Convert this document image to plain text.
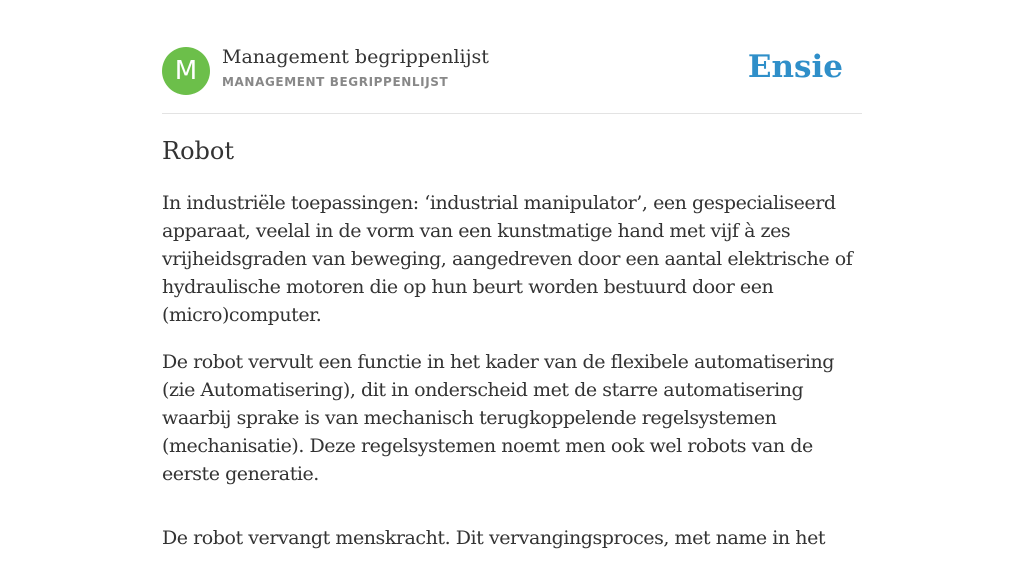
M	Management begrippenlijst
MANAGEMENT BEGRIPPENLIJST	Ensie
Robot

In industriële toepassingen: ‘industrial manipulator’, een gespecialiseerd apparaat, veelal in de vorm van een kunstmatige hand met vijf à zes vrijheidsgraden van beweging, aangedreven door een aantal elektrische of hydraulische motoren die op hun beurt worden bestuurd door een (micro)computer.

De robot vervult een functie in het kader van de flexibele automatisering (zie Automatisering), dit in onderscheid met de starre automatisering waarbij sprake is van mechanisch terugkoppelende regelsystemen (mechanisatie). Deze regelsystemen noemt men ook wel robots van de eerste generatie.

De robot vervangt menskracht. Dit vervangingsproces, met name in het
